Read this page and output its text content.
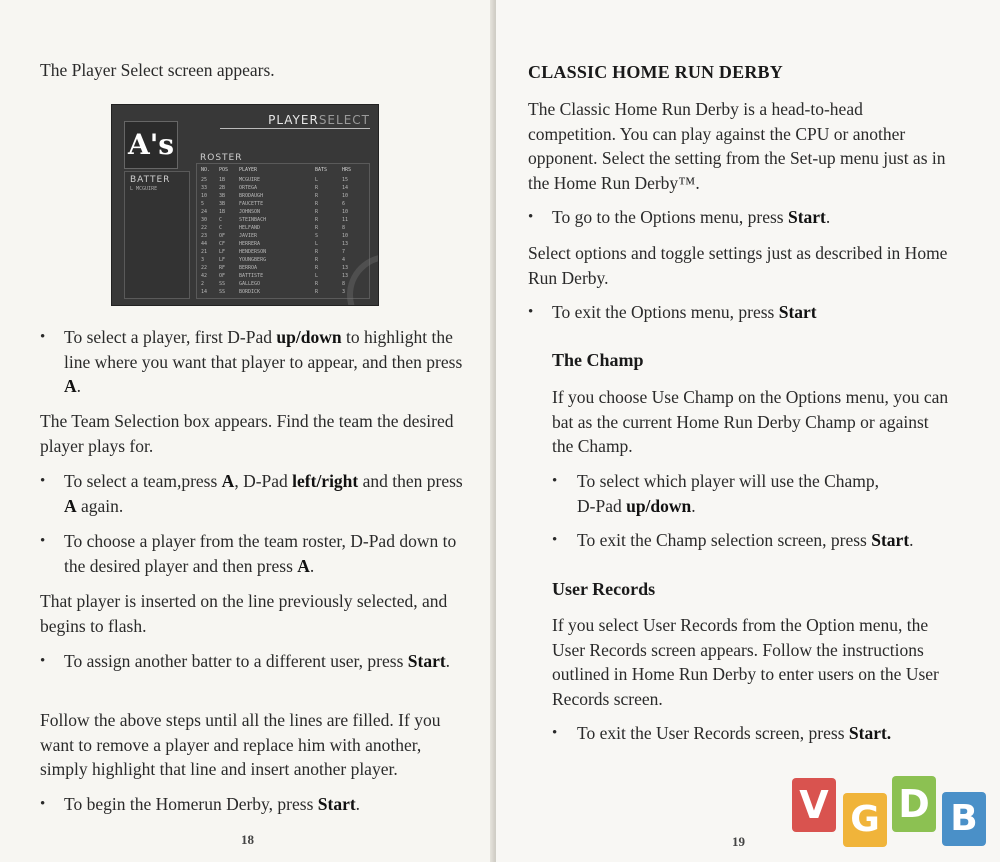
The Player Select screen appears.

PLAYERSELECT
A's
BATTER
L MCGUIRE
ROSTER
NO. POS PLAYER	BATS	HRS
25 1B	MCGUIRE	L	15
33 2B	ORTEGA	R	14
10 3B	BRODAUGH	R	10
5	3B	FAUCETTE	R	6
24 1B	JOHNSON	R	10
30 C	STEINBACH	R	11
22 C	HELFAND	R	8
23 OF	JAVIER	S	10
44 CF	HERRERA	L	13
21 LF	HENDERSON	R	7
3	LF	YOUNGBERG	R	4
22 RF	BERROA	R	13
42 OF	BATTISTE	L	13
2	SS	GALLEGO	R	8
14 SS	BORDICK	R	3
•	To select a player, first D-Pad up/down to highlight the line where you want that player to appear, and then press A.

The Team Selection box appears. Find the team the desired player plays for.

•	To select a team,press A, D-Pad left/right and then press A again.
•	To choose a player from the team roster, D-Pad down to the desired player and then press A.

That player is inserted on the line previously selected, and begins to flash.

•	To assign another batter to a different user, press Start.

Follow the above steps until all the lines are filled. If you want to remove a player and replace him with another, simply highlight that line and insert another player.

•	To begin the Homerun Derby, press Start.
18
CLASSIC HOME RUN DERBY

The Classic Home Run Derby is a head-to-head competition. You can play against the CPU or another opponent. Select the setting from the Set-up menu just as in the Home Run Derby™.

•	To go to the Options menu, press Start.

Select options and toggle settings just as described in Home Run Derby.

•	To exit the Options menu, press Start
The Champ

If you choose Use Champ on the Options menu, you can bat as the current Home Run Derby Champ or against the Champ.

•	To select which player will use the Champ, D-Pad up/down.
•	To exit the Champ selection screen, press Start.
User Records

If you select User Records from the Option menu, the User Records screen appears. Follow the instructions outlined in Home Run Derby to enter users on the User Records screen.

•	To exit the User Records screen, press Start.
19
V G D B
